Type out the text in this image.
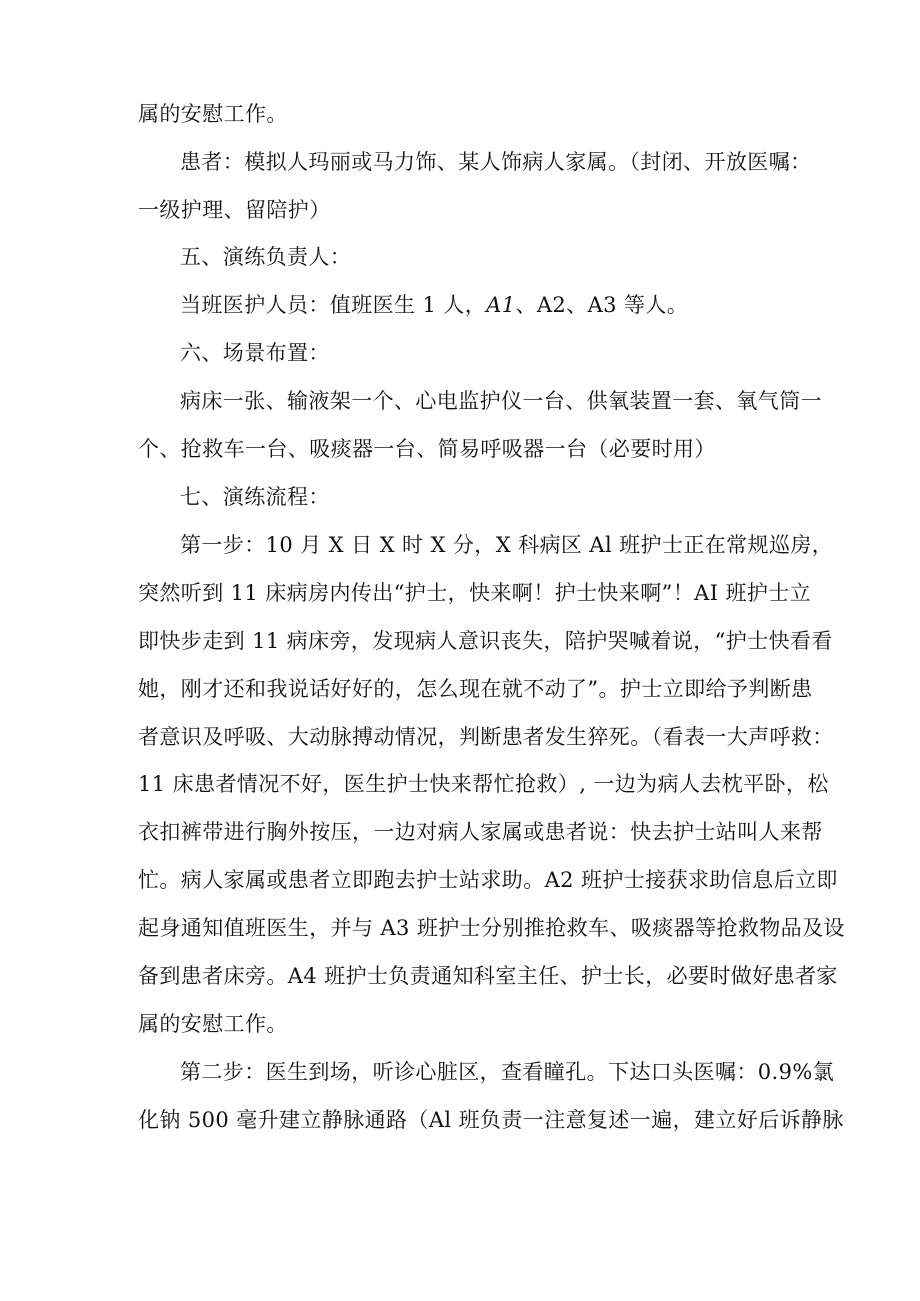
属的安慰工作。
患者：模拟人玛丽或马力饰、某人饰病人家属。（封闭、开放医嘱：
一级护理、留陪护）
五、演练负责人：
当班医护人员：值班医生 1 人，A1、A2、A3 等人。
六、场景布置：
病床一张、输液架一个、心电监护仪一台、供氧装置一套、氧气筒一
个、抢救车一台、吸痰器一台、简易呼吸器一台（必要时用）
七、演练流程：
第一步：10 月 X 日 X 时 X 分，X 科病区 Al 班护士正在常规巡房，
突然听到 11 床病房内传出“护士，快来啊！护士快来啊”！AI 班护士立
即快步走到 11 病床旁，发现病人意识丧失，陪护哭喊着说，“护士快看看
她，刚才还和我说话好好的，怎么现在就不动了”。护士立即给予判断患
者意识及呼吸、大动脉搏动情况，判断患者发生猝死。（看表一大声呼救：
11 床患者情况不好，医生护士快来帮忙抢救）, 一边为病人去枕平卧，松
衣扣裤带进行胸外按压，一边对病人家属或患者说：快去护士站叫人来帮
忙。病人家属或患者立即跑去护士站求助。A2 班护士接获求助信息后立即
起身通知值班医生，并与 A3 班护士分别推抢救车、吸痰器等抢救物品及设
备到患者床旁。A4 班护士负责通知科室主任、护士长，必要时做好患者家
属的安慰工作。
第二步：医生到场，听诊心脏区，查看瞳孔。下达口头医嘱：0.9%氯
化钠 500 毫升建立静脉通路（Al 班负责一注意复述一遍，建立好后诉静脉
